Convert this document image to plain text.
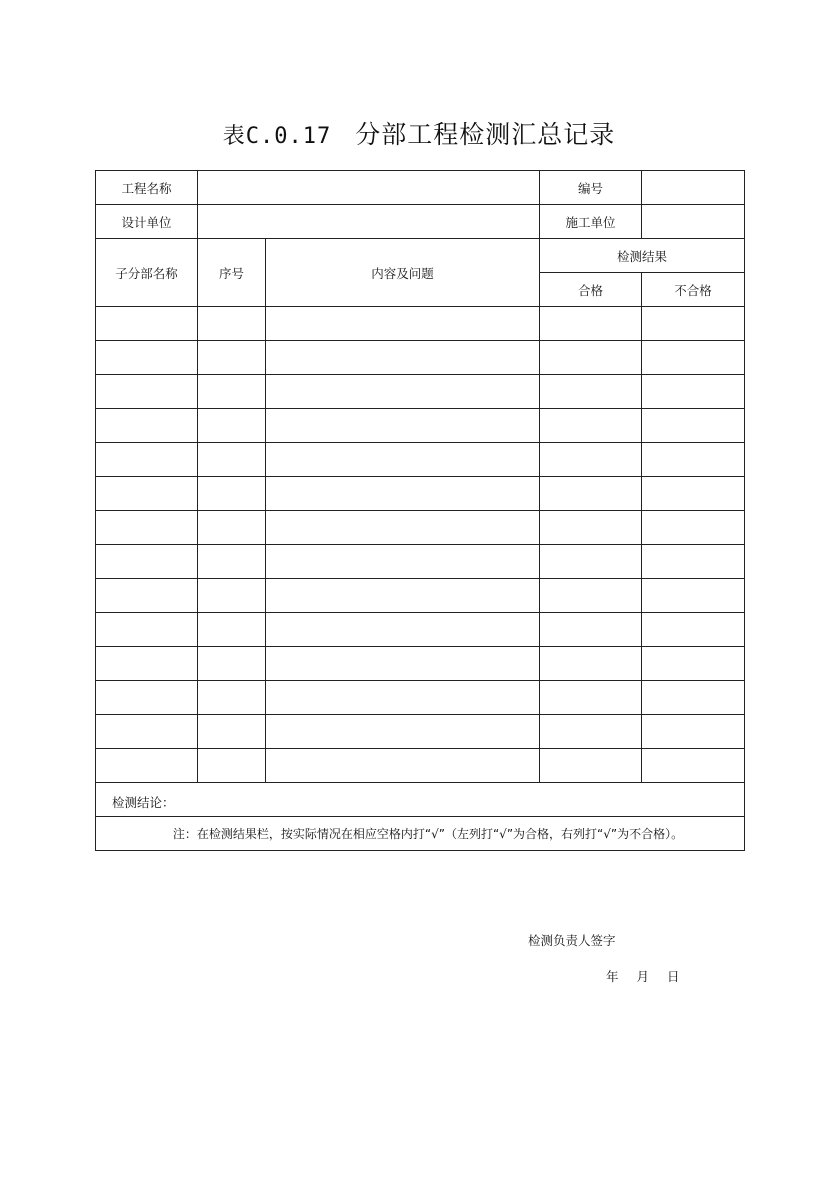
表C.0.17 分部工程检测汇总记录
工程名称			编号	
设计单位			施工单位	
子分部名称	序号	内容及问题	检测结果	
			合格	不合格

检测结论：
检测负责人签字
年 月 日				

注：在检测结果栏，按实际情况在相应空格内打“√”（左列打“√”为合格，右列打“√”为不合格）。				
